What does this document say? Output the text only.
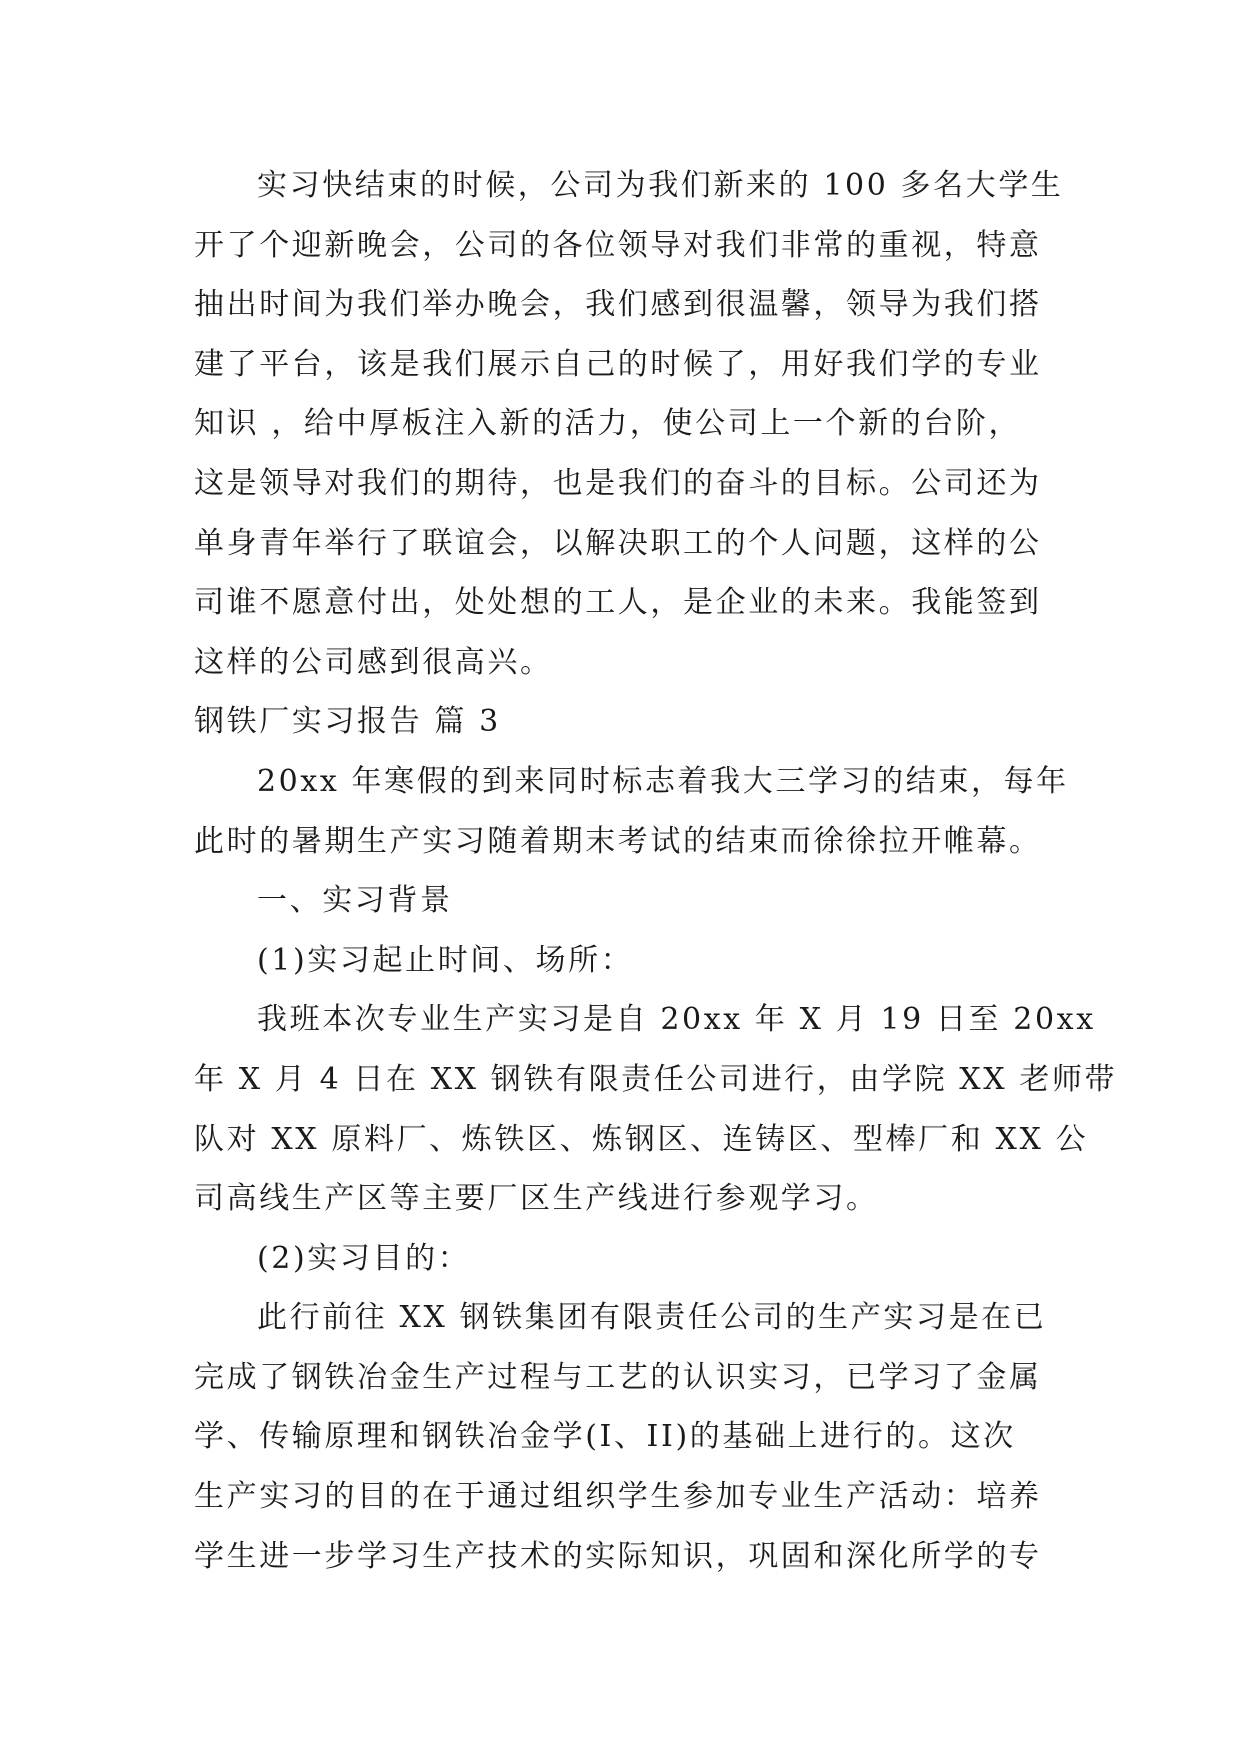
实习快结束的时候，公司为我们新来的 100 多名大学生
开了个迎新晚会，公司的各位领导对我们非常的重视，特意
抽出时间为我们举办晚会，我们感到很温馨，领导为我们搭
建了平台，该是我们展示自己的时候了，用好我们学的专业
知识 ，给中厚板注入新的活力，使公司上一个新的台阶，
这是领导对我们的期待，也是我们的奋斗的目标。公司还为
单身青年举行了联谊会，以解决职工的个人问题，这样的公
司谁不愿意付出，处处想的工人，是企业的未来。我能签到
这样的公司感到很高兴。
钢铁厂实习报告 篇 3
20xx 年寒假的到来同时标志着我大三学习的结束，每年
此时的暑期生产实习随着期末考试的结束而徐徐拉开帷幕。
一、实习背景
(1)实习起止时间、场所：
我班本次专业生产实习是自 20xx 年 X 月 19 日至 20xx
年 X 月 4 日在 XX 钢铁有限责任公司进行，由学院 XX 老师带
队对 XX 原料厂、炼铁区、炼钢区、连铸区、型棒厂和 XX 公
司高线生产区等主要厂区生产线进行参观学习。
(2)实习目的：
此行前往 XX 钢铁集团有限责任公司的生产实习是在已
完成了钢铁冶金生产过程与工艺的认识实习，已学习了金属
学、传输原理和钢铁冶金学(I、II)的基础上进行的。这次
生产实习的目的在于通过组织学生参加专业生产活动：培养
学生进一步学习生产技术的实际知识，巩固和深化所学的专
